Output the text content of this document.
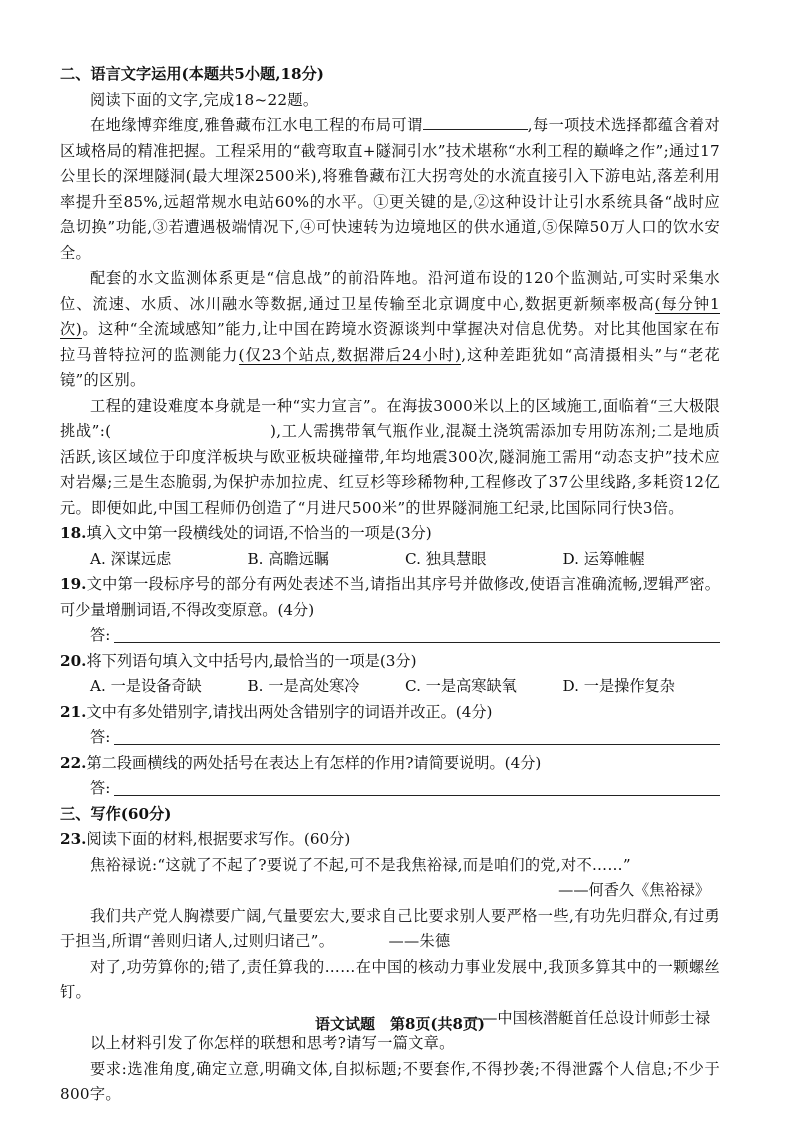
二、语言文字运用(本题共5小题,18分)

阅读下面的文字,完成18~22题。

在地缘博弈维度,雅鲁藏布江水电工程的布局可谓	,每一项技术选择都蕴含着对区域格局的精准把握。工程采用的“截弯取直+隧洞引水”技术堪称“水利工程的巅峰之作”;通过17公里长的深埋隧洞(最大埋深2500米),将雅鲁藏布江大拐弯处的水流直接引入下游电站,落差利用率提升至85%,远超常规水电站60%的水平。①更关键的是,②这种设计让引水系统具备“战时应急切换”功能,③若遭遇极端情况下,④可快速转为边境地区的供水通道,⑤保障50万人口的饮水安全。

配套的水文监测体系更是“信息战”的前沿阵地。沿河道布设的120个监测站,可实时采集水位、流速、水质、冰川融水等数据,通过卫星传输至北京调度中心,数据更新频率极高(每分钟1次)。这种“全流域感知”能力,让中国在跨境水资源谈判中掌握决对信息优势。对比其他国家在布拉马普特拉河的监测能力(仅23个站点,数据滞后24小时),这种差距犹如“高清摄相头”与“老花镜”的区别。

工程的建设难度本身就是一种“实力宣言”。在海拔3000米以上的区域施工,面临着“三大极限挑战”:(　　　　　　　　　　),工人需携带氧气瓶作业,混凝土浇筑需添加专用防冻剂;二是地质活跃,该区域位于印度洋板块与欧亚板块碰撞带,年均地震300次,隧洞施工需用“动态支护”技术应对岩爆;三是生态脆弱,为保护赤加拉虎、红豆杉等珍稀物种,工程修改了37公里线路,多耗资12亿元。即便如此,中国工程师仍创造了“月进尺500米”的世界隧洞施工纪录,比国际同行快3倍。

18.填入文中第一段横线处的词语,不恰当的一项是(3分)

A. 深谋远虑	B. 高瞻远瞩	C. 独具慧眼	D. 运筹帷幄

19.文中第一段标序号的部分有两处表述不当,请指出其序号并做修改,使语言准确流畅,逻辑严密。可少量增删词语,不得改变原意。(4分)

答:

20.将下列语句填入文中括号内,最恰当的一项是(3分)

A. 一是设备奇缺	B. 一是高处寒冷	C. 一是高寒缺氧	D. 一是操作复杂

21.文中有多处错别字,请找出两处含错别字的词语并改正。(4分)

答:

22.第二段画横线的两处括号在表达上有怎样的作用?请简要说明。(4分)

答:

三、写作(60分)

23.阅读下面的材料,根据要求写作。(60分)

焦裕禄说:“这就了不起了?要说了不起,可不是我焦裕禄,而是咱们的党,对不……”

——何香久《焦裕禄》

我们共产党人胸襟要广阔,气量要宏大,要求自己比要求别人要严格一些,有功先归群众,有过勇于担当,所谓“善则归诸人,过则归诸己”。　　　　——朱德

对了,功劳算你的;错了,责任算我的……在中国的核动力事业发展中,我顶多算其中的一颗螺丝钉。

——中国核潜艇首任总设计师彭士禄

以上材料引发了你怎样的联想和思考?请写一篇文章。

要求:选准角度,确定立意,明确文体,自拟标题;不要套作,不得抄袭;不得泄露个人信息;不少于800字。

语文试题　第8页(共8页)
